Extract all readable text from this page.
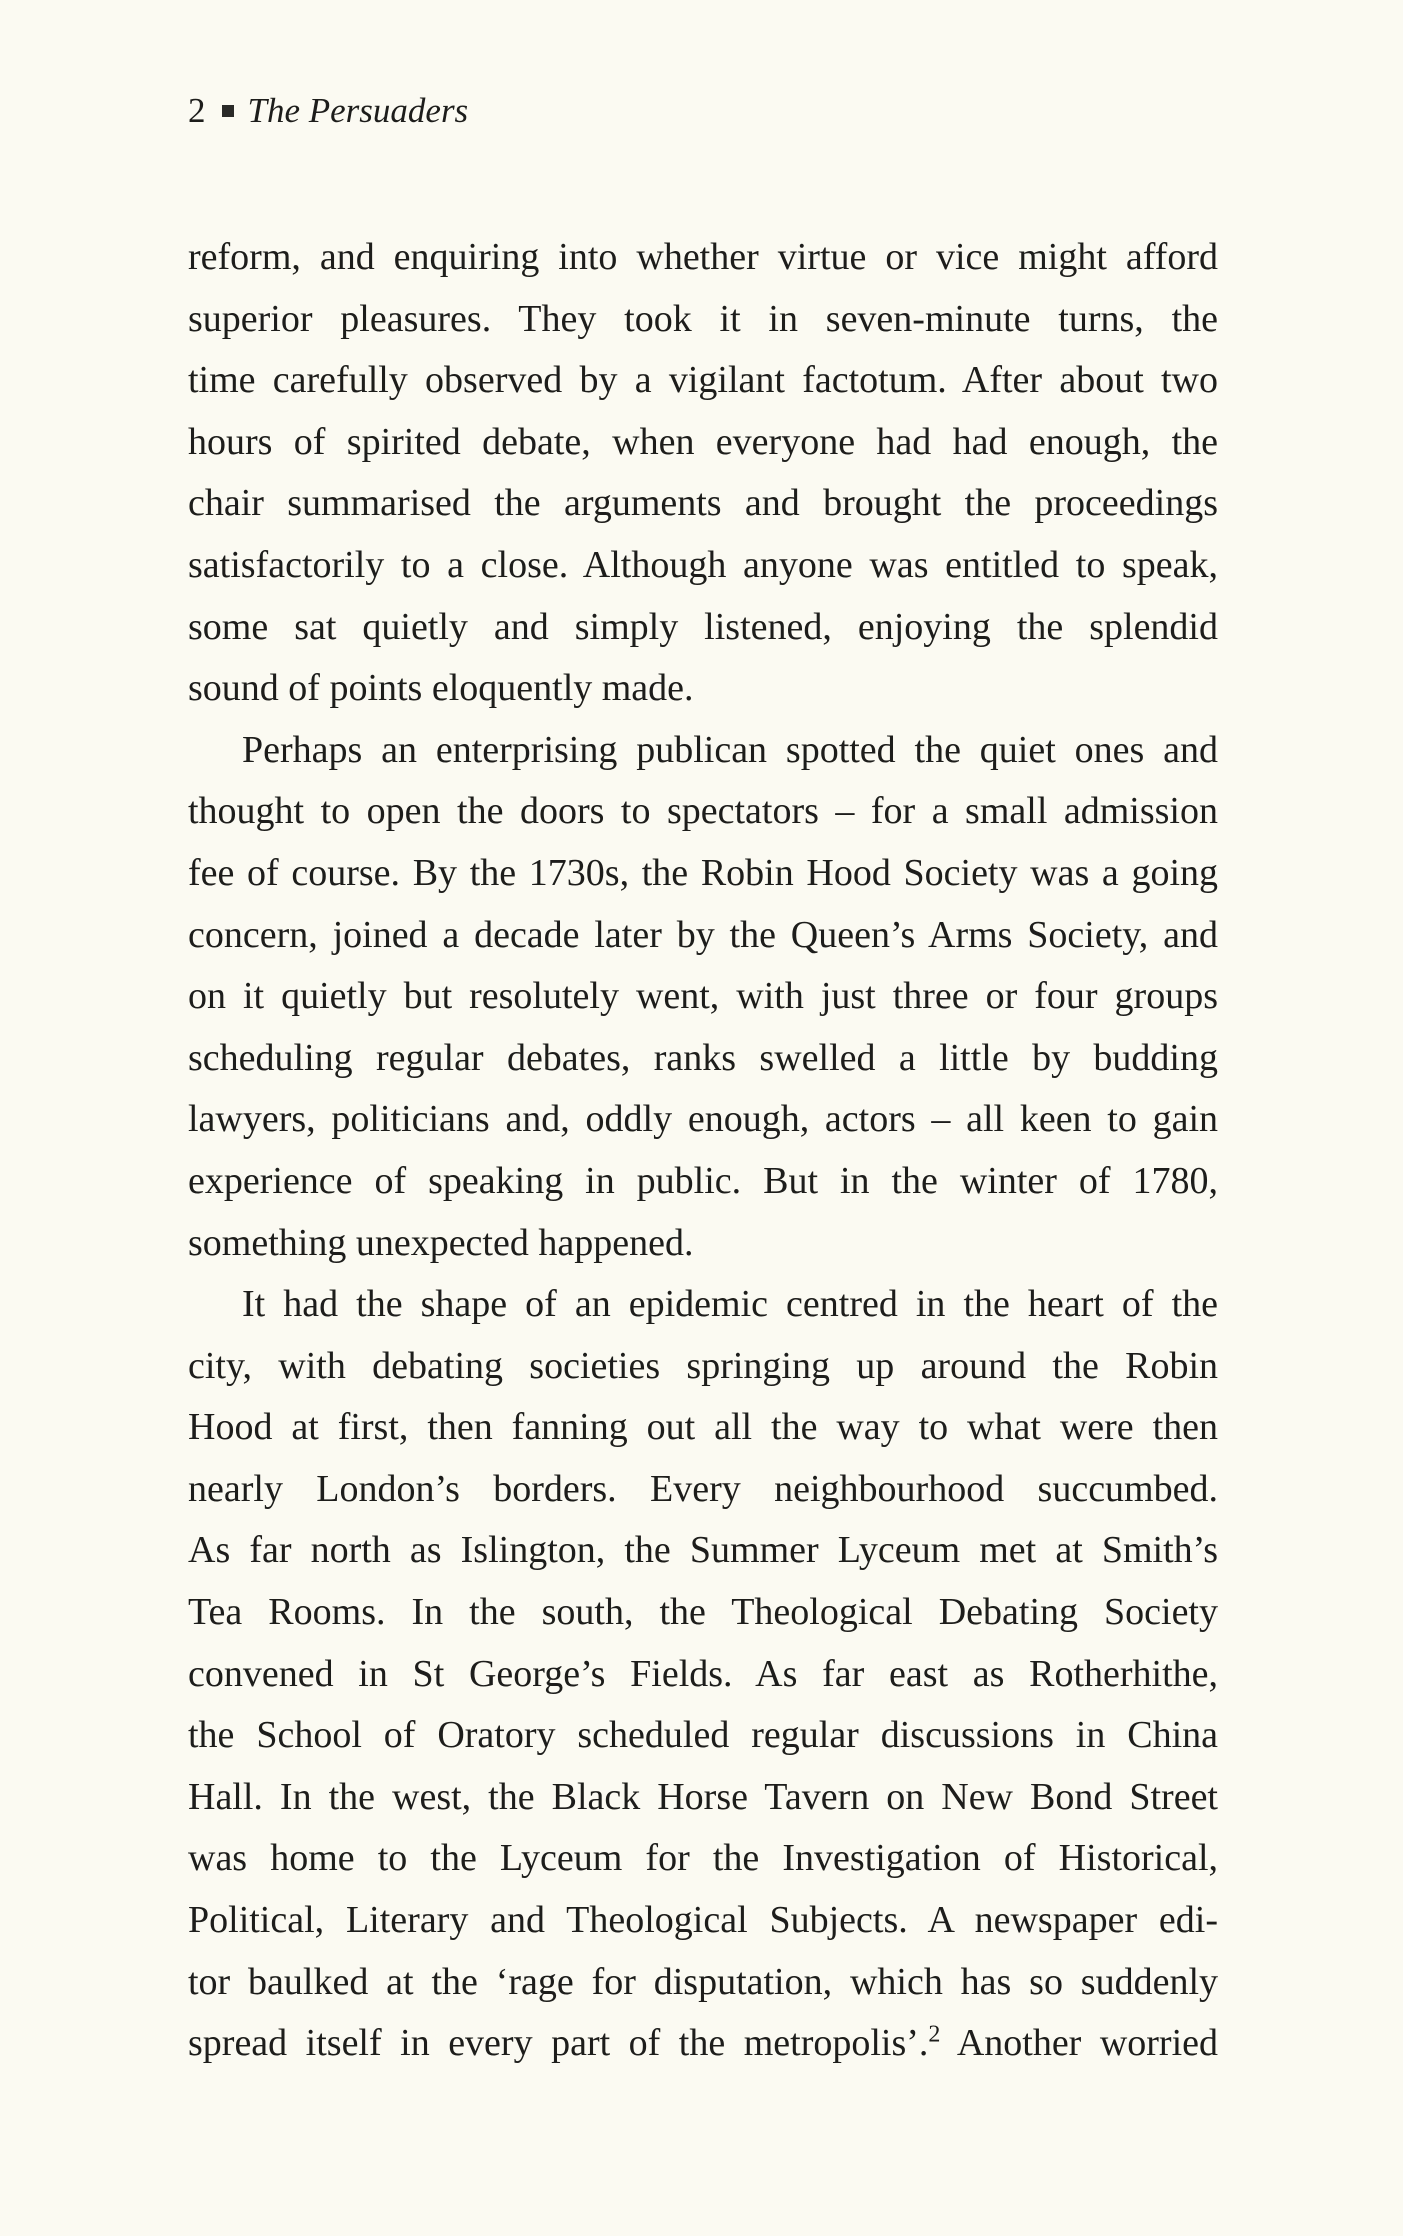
2 The Persuaders
reform, and enquiring into whether virtue or vice might afford
superior pleasures. They took it in seven-minute turns, the
time carefully observed by a vigilant factotum. After about two
hours of spirited debate, when everyone had had enough, the
chair summarised the arguments and brought the proceedings
satisfactorily to a close. Although anyone was entitled to speak,
some sat quietly and simply listened, enjoying the splendid
sound of points eloquently made.
Perhaps an enterprising publican spotted the quiet ones and
thought to open the doors to spectators – for a small admission
fee of course. By the 1730s, the Robin Hood Society was a going
concern, joined a decade later by the Queen’s Arms Society, and
on it quietly but resolutely went, with just three or four groups
scheduling regular debates, ranks swelled a little by budding
lawyers, politicians and, oddly enough, actors – all keen to gain
experience of speaking in public. But in the winter of 1780,
something unexpected happened.
It had the shape of an epidemic centred in the heart of the
city, with debating societies springing up around the Robin
Hood at first, then fanning out all the way to what were then
nearly London’s borders. Every neighbourhood succumbed.
As far north as Islington, the Summer Lyceum met at Smith’s
Tea Rooms. In the south, the Theological Debating Society
convened in St George’s Fields. As far east as Rotherhithe,
the School of Oratory scheduled regular discussions in China
Hall. In the west, the Black Horse Tavern on New Bond Street
was home to the Lyceum for the Investigation of Historical,
Political, Literary and Theological Subjects. A newspaper edi-
tor baulked at the ‘rage for disputation, which has so suddenly
spread itself in every part of the metropolis’.$^2$ Another worried
